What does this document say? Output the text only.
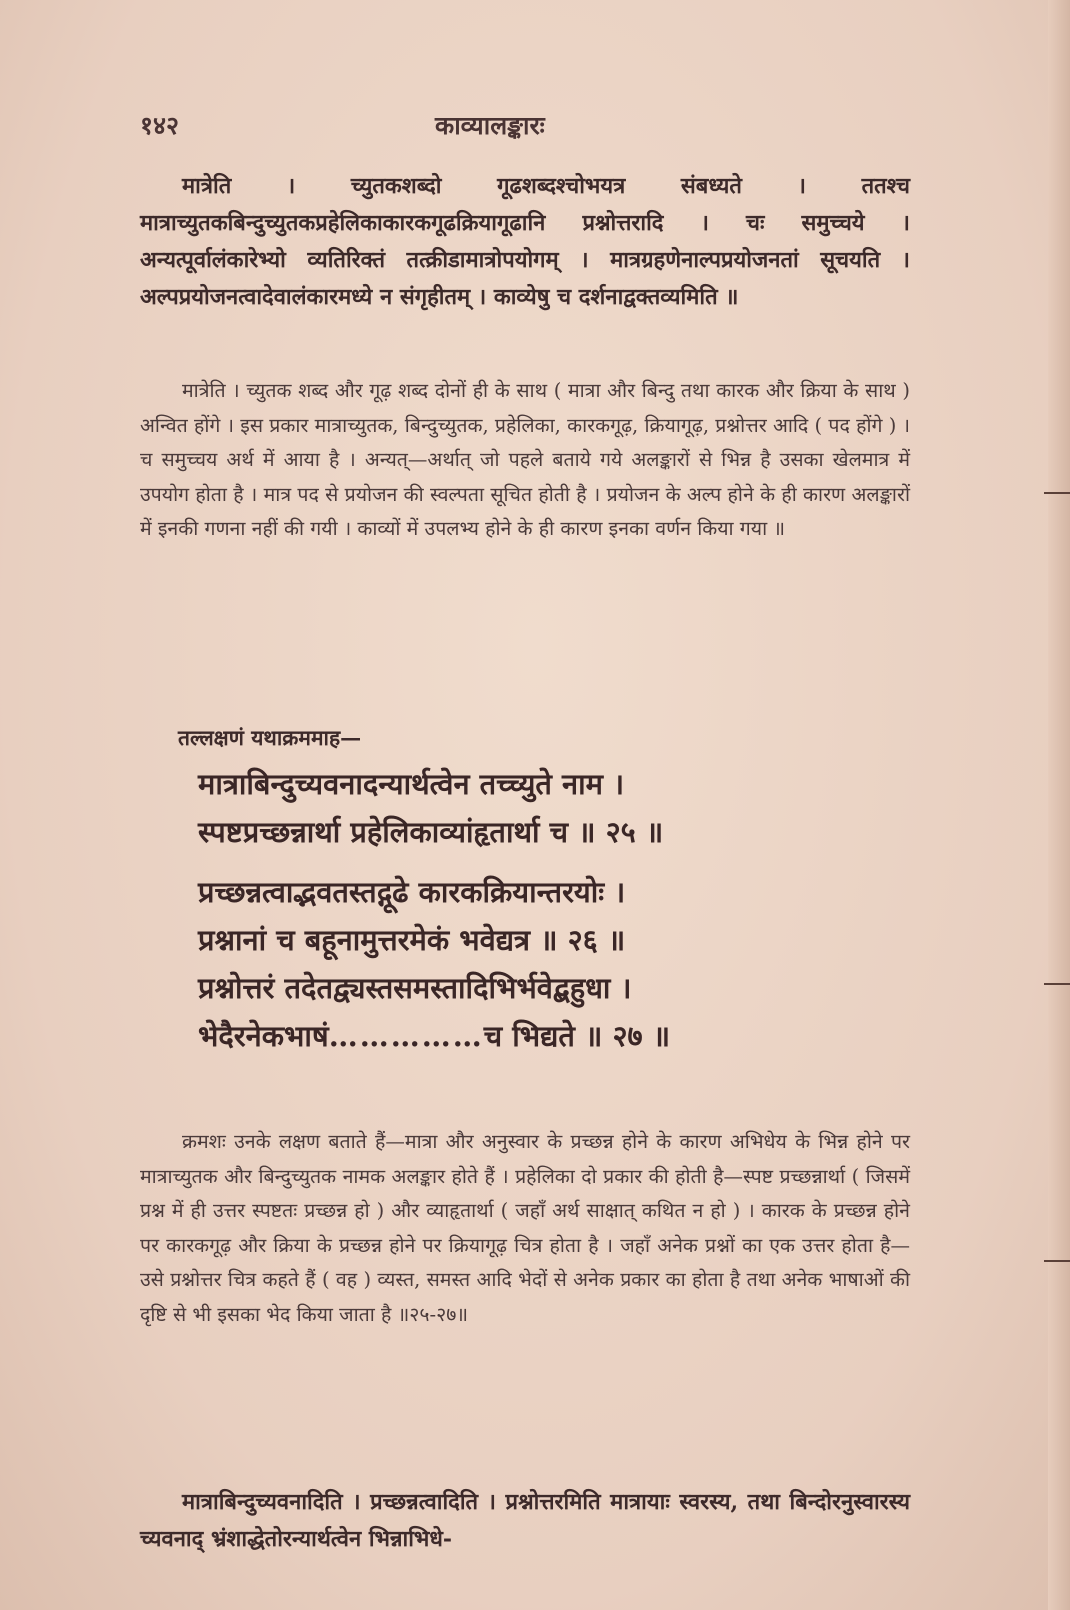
१४२	काव्यालङ्कारः
मात्रेति । च्युतकशब्दो गूढशब्दश्चोभयत्र संबध्यते । ततश्च मात्राच्युतकबिन्दुच्युतकप्रहेलिकाकारकगूढक्रियागूढानि प्रश्नोत्तरादि । चः समुच्चये । अन्यत्पूर्वालंकारेभ्यो व्यतिरिक्तं तत्क्रीडामात्रोपयोगम् । मात्रग्रहणेनाल्पप्रयोजनतां सूचयति । अल्पप्रयोजनत्वादेवालंकारमध्ये न संगृहीतम् । काव्येषु च दर्शनाद्वक्तव्यमिति ॥
मात्रेति । च्युतक शब्द और गूढ़ शब्द दोनों ही के साथ ( मात्रा और बिन्दु तथा कारक और क्रिया के साथ ) अन्वित होंगे । इस प्रकार मात्राच्युतक, बिन्दुच्युतक, प्रहेलिका, कारकगूढ़, क्रियागूढ़, प्रश्नोत्तर आदि ( पद होंगे ) । च समुच्चय अर्थ में आया है । अन्यत्—अर्थात् जो पहले बताये गये अलङ्कारों से भिन्न है उसका खेलमात्र में उपयोग होता है । मात्र पद से प्रयोजन की स्वल्पता सूचित होती है । प्रयोजन के अल्प होने के ही कारण अलङ्कारों में इनकी गणना नहीं की गयी । काव्यों में उपलभ्य होने के ही कारण इनका वर्णन किया गया ॥
तल्लक्षणं यथाक्रममाह—
मात्राबिन्दुच्यवनादन्यार्थत्वेन तच्च्युते नाम ।
स्पष्टप्रच्छन्नार्था प्रहेलिकाव्यांहृतार्था च ॥ २५ ॥
प्रच्छन्नत्वाद्भवतस्तद्गूढे कारकक्रियान्तरयोः ।
प्रश्नानां च बहूनामुत्तरमेकं भवेद्यत्र ॥ २६ ॥
प्रश्नोत्तरं तदेतद्व्यस्तसमस्तादिभिर्भवेद्बहुधा ।
भेदैरनेकभाषं……………च भिद्यते ॥ २७ ॥
क्रमशः उनके लक्षण बताते हैं—मात्रा और अनुस्वार के प्रच्छन्न होने के कारण अभिधेय के भिन्न होने पर मात्राच्युतक और बिन्दुच्युतक नामक अलङ्कार होते हैं । प्रहेलिका दो प्रकार की होती है—स्पष्ट प्रच्छन्नार्था ( जिसमें प्रश्न में ही उत्तर स्पष्टतः प्रच्छन्न हो ) और व्याहृतार्था ( जहाँ अर्थ साक्षात् कथित न हो ) । कारक के प्रच्छन्न होने पर कारकगूढ़ और क्रिया के प्रच्छन्न होने पर क्रियागूढ़ चित्र होता है । जहाँ अनेक प्रश्नों का एक उत्तर होता है—उसे प्रश्नोत्तर चित्र कहते हैं ( वह ) व्यस्त, समस्त आदि भेदों से अनेक प्रकार का होता है तथा अनेक भाषाओं की दृष्टि से भी इसका भेद किया जाता है ॥२५-२७॥
मात्राबिन्दुच्यवनादिति । प्रच्छन्नत्वादिति । प्रश्नोत्तरमिति मात्रायाः स्वरस्य, तथा बिन्दोरनुस्वारस्य च्यवनाद् भ्रंशाद्धेतोरन्यार्थत्वेन भिन्नाभिधे-
